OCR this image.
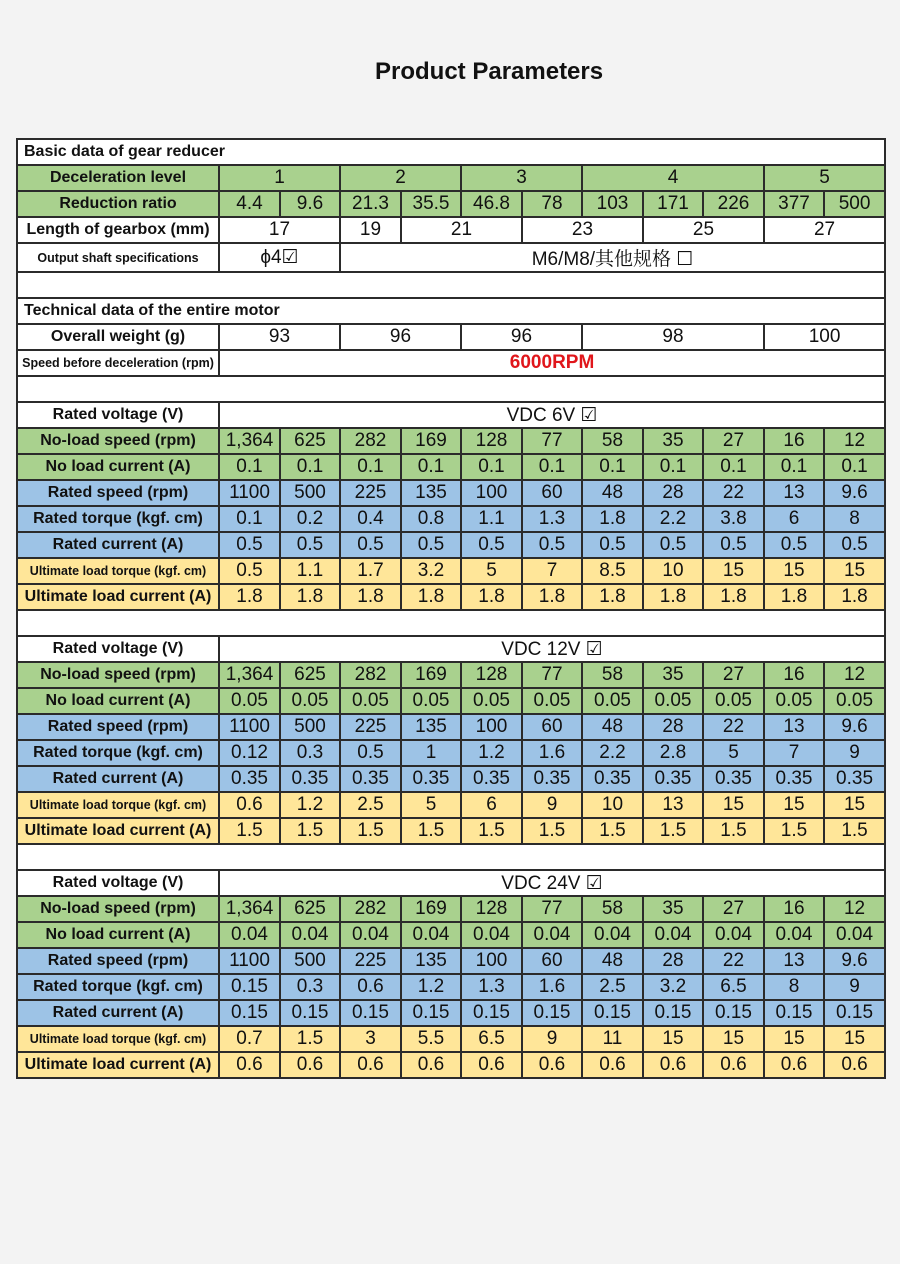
Product Parameters
Basic data of gear reducer											
Deceleration level	1		2		3		4			5	
Reduction ratio	4.4	9.6	21.3	35.5	46.8	78	103	171	226	377	500
Length of gearbox (mm)	17		19	21		23		25		27	
Output shaft specifications	ϕ4☑		M6/M8/其他规格 ☐								

Technical data of the entire motor											
Overall weight (g)	93		96		96		98			100	
Speed before deceleration (rpm)	6000RPM										

Rated voltage (V)	VDC 6V ☑										
No-load speed (rpm)	1,364	625	282	169	128	77	58	35	27	16	12
No load current (A)	0.1	0.1	0.1	0.1	0.1	0.1	0.1	0.1	0.1	0.1	0.1
Rated speed (rpm)	1100	500	225	135	100	60	48	28	22	13	9.6
Rated torque (kgf. cm)	0.1	0.2	0.4	0.8	1.1	1.3	1.8	2.2	3.8	6	8
Rated current (A)	0.5	0.5	0.5	0.5	0.5	0.5	0.5	0.5	0.5	0.5	0.5
Ultimate load torque (kgf. cm)	0.5	1.1	1.7	3.2	5	7	8.5	10	15	15	15
Ultimate load current (A)	1.8	1.8	1.8	1.8	1.8	1.8	1.8	1.8	1.8	1.8	1.8

Rated voltage (V)	VDC 12V ☑										
No-load speed (rpm)	1,364	625	282	169	128	77	58	35	27	16	12
No load current (A)	0.05	0.05	0.05	0.05	0.05	0.05	0.05	0.05	0.05	0.05	0.05
Rated speed (rpm)	1100	500	225	135	100	60	48	28	22	13	9.6
Rated torque (kgf. cm)	0.12	0.3	0.5	1	1.2	1.6	2.2	2.8	5	7	9
Rated current (A)	0.35	0.35	0.35	0.35	0.35	0.35	0.35	0.35	0.35	0.35	0.35
Ultimate load torque (kgf. cm)	0.6	1.2	2.5	5	6	9	10	13	15	15	15
Ultimate load current (A)	1.5	1.5	1.5	1.5	1.5	1.5	1.5	1.5	1.5	1.5	1.5

Rated voltage (V)	VDC 24V ☑										
No-load speed (rpm)	1,364	625	282	169	128	77	58	35	27	16	12
No load current (A)	0.04	0.04	0.04	0.04	0.04	0.04	0.04	0.04	0.04	0.04	0.04
Rated speed (rpm)	1100	500	225	135	100	60	48	28	22	13	9.6
Rated torque (kgf. cm)	0.15	0.3	0.6	1.2	1.3	1.6	2.5	3.2	6.5	8	9
Rated current (A)	0.15	0.15	0.15	0.15	0.15	0.15	0.15	0.15	0.15	0.15	0.15
Ultimate load torque (kgf. cm)	0.7	1.5	3	5.5	6.5	9	11	15	15	15	15
Ultimate load current (A)	0.6	0.6	0.6	0.6	0.6	0.6	0.6	0.6	0.6	0.6	0.6
